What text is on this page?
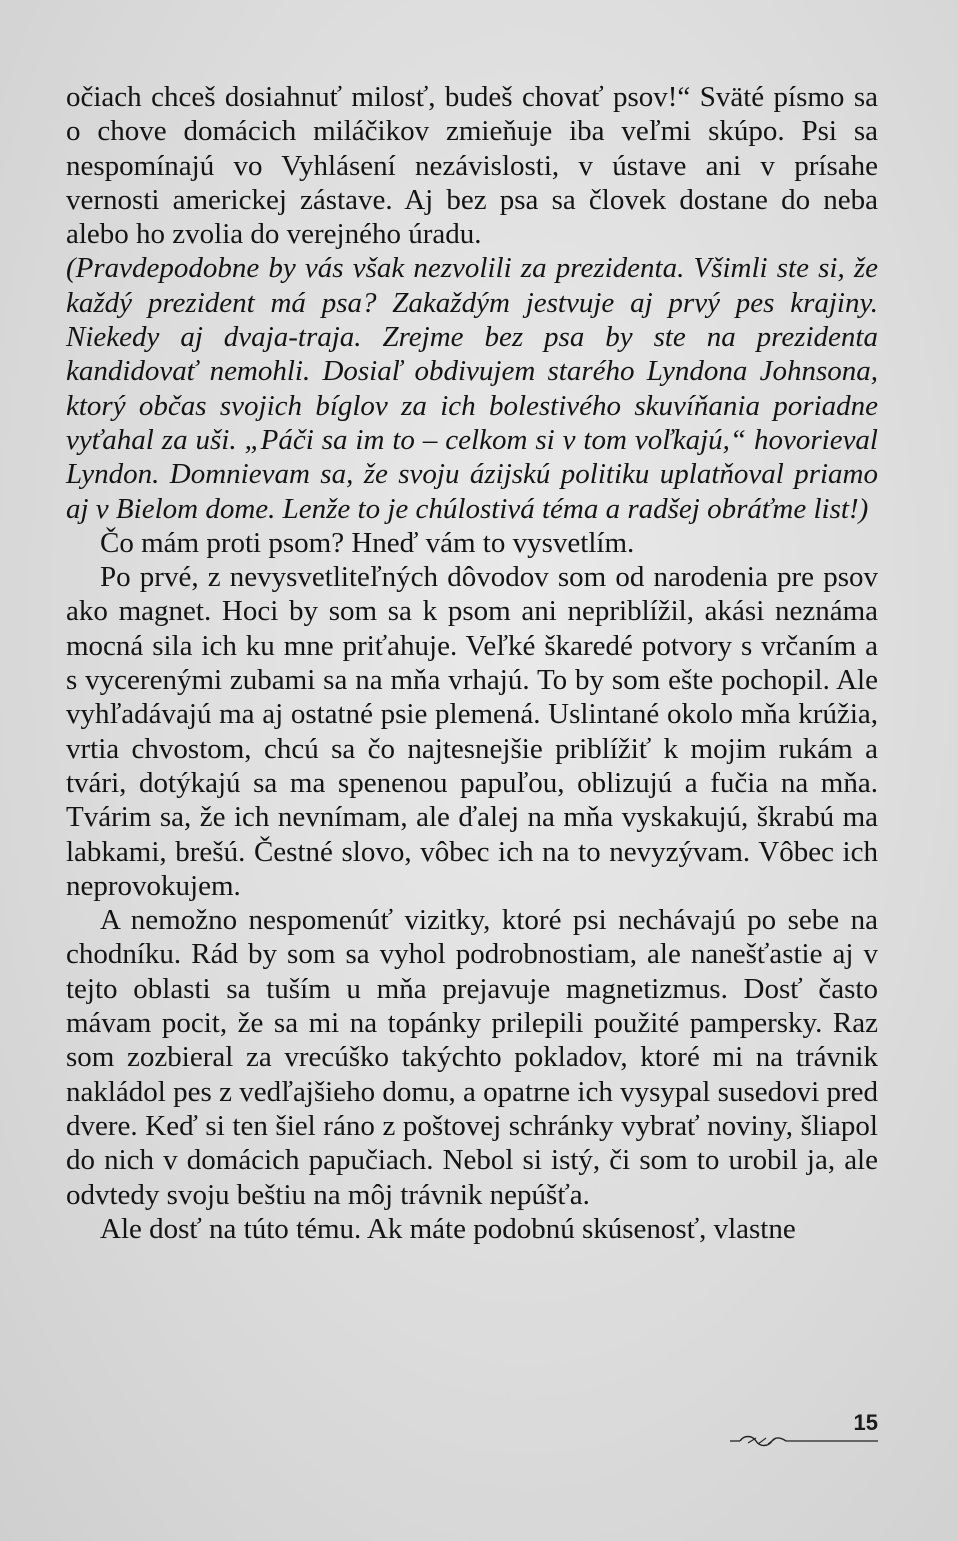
očiach chceš dosiahnuť milosť, budeš chovať psov!“ Sväté písmo sa o chove domácich miláčikov zmieňuje iba veľmi skúpo. Psi sa nespomínajú vo Vyhlásení nezávislosti, v ústave ani v prísahe vernosti americkej zástave. Aj bez psa sa človek dostane do neba alebo ho zvolia do verejného úradu.

(Pravdepodobne by vás však nezvolili za prezidenta. Všimli ste si, že každý prezident má psa? Zakaždým jestvuje aj prvý pes krajiny. Niekedy aj dvaja-traja. Zrejme bez psa by ste na prezidenta kandidovať nemohli. Dosiaľ obdivujem starého Lyndona Johnsona, ktorý občas svojich bíglov za ich bolestivého skuvíňania poriadne vyťahal za uši. „Páči sa im to – celkom si v tom voľkajú,“ hovorieval Lyndon. Domnievam sa, že svoju ázijskú politiku uplatňoval priamo aj v Bielom dome. Lenže to je chúlostivá téma a radšej obráťme list!)

Čo mám proti psom? Hneď vám to vysvetlím.

Po prvé, z nevysvetliteľných dôvodov som od narodenia pre psov ako magnet. Hoci by som sa k psom ani nepriblížil, akási neznáma mocná sila ich ku mne priťahuje. Veľké škaredé potvory s vrčaním a s vycerenými zubami sa na mňa vrhajú. To by som ešte pochopil. Ale vyhľadávajú ma aj ostatné psie plemená. Uslintané okolo mňa krúžia, vrtia chvostom, chcú sa čo najtesnejšie priblížiť k mojim rukám a tvári, dotýkajú sa ma spenenou papuľou, oblizujú a fučia na mňa. Tvárim sa, že ich nevnímam, ale ďalej na mňa vyskakujú, škrabú ma labkami, brešú. Čestné slovo, vôbec ich na to nevyzývam. Vôbec ich neprovokujem.

A nemožno nespomenúť vizitky, ktoré psi nechávajú po sebe na chodníku. Rád by som sa vyhol podrobnostiam, ale nanešťastie aj v tejto oblasti sa tuším u mňa prejavuje magnetizmus. Dosť často mávam pocit, že sa mi na topánky prilepili použité pampersky. Raz som zozbieral za vrecúško takýchto pokladov, ktoré mi na trávnik nakládol pes z vedľajšieho domu, a opatrne ich vysypal susedovi pred dvere. Keď si ten šiel ráno z poštovej schránky vybrať noviny, šliapol do nich v domácich papučiach. Nebol si istý, či som to urobil ja, ale odvtedy svoju beštiu na môj trávnik nepúšťa.

Ale dosť na túto tému. Ak máte podobnú skúsenosť, vlastne

15
